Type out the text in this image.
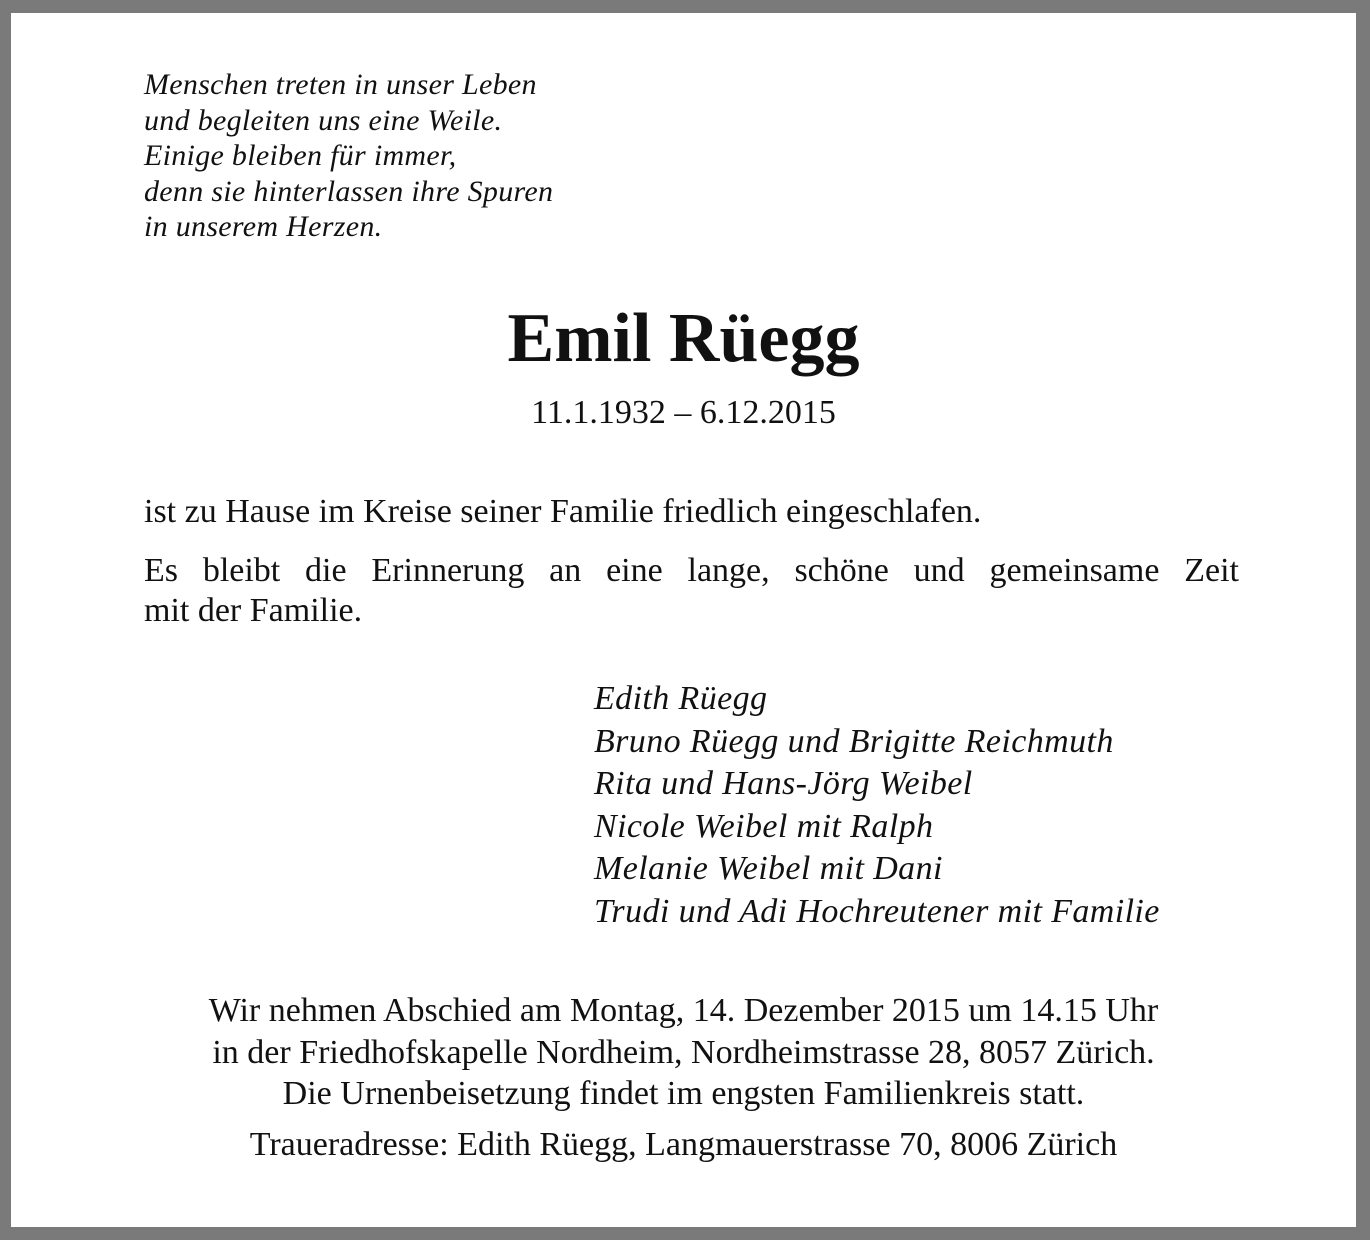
Menschen treten in unser Leben
und begleiten uns eine Weile.
Einige bleiben für immer,
denn sie hinterlassen ihre Spuren
in unserem Herzen.
Emil Rüegg
11.1.1932 – 6.12.2015
ist zu Hause im Kreise seiner Familie friedlich eingeschlafen.
Es bleibt die Erinnerung an eine lange, schöne und gemeinsame Zeit
mit der Familie.
Edith Rüegg
Bruno Rüegg und Brigitte Reichmuth
Rita und Hans-Jörg Weibel
Nicole Weibel mit Ralph
Melanie Weibel mit Dani
Trudi und Adi Hochreutener mit Familie
Wir nehmen Abschied am Montag, 14. Dezember 2015 um 14.15 Uhr
in der Friedhofskapelle Nordheim, Nordheimstrasse 28, 8057 Zürich.
Die Urnenbeisetzung findet im engsten Familienkreis statt.
Traueradresse: Edith Rüegg, Langmauerstrasse 70, 8006 Zürich
